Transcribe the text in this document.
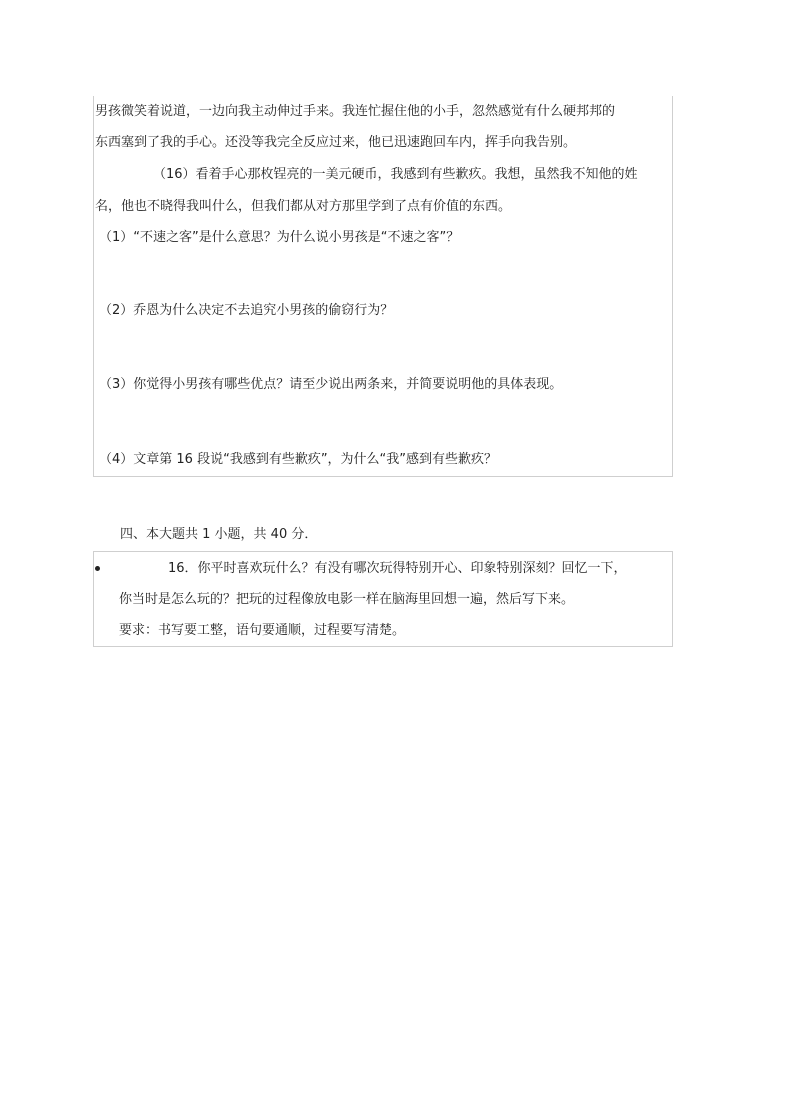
男孩微笑着说道，一边向我主动伸过手来。我连忙握住他的小手，忽然感觉有什么硬邦邦的
东西塞到了我的手心。还没等我完全反应过来，他已迅速跑回车内，挥手向我告别。
（16）看着手心那枚锃亮的一美元硬币，我感到有些歉疚。我想，虽然我不知他的姓
名，他也不晓得我叫什么，但我们都从对方那里学到了点有价值的东西。
（1）“不速之客”是什么意思？为什么说小男孩是“不速之客”？
（2）乔恩为什么决定不去追究小男孩的偷窃行为？
（3）你觉得小男孩有哪些优点？请至少说出两条来，并简要说明他的具体表现。
（4）文章第 16 段说“我感到有些歉疚”，为什么“我”感到有些歉疚？
四、本大题共 1 小题，共 40 分．
16．你平时喜欢玩什么？有没有哪次玩得特别开心、印象特别深刻？回忆一下，
你当时是怎么玩的？把玩的过程像放电影一样在脑海里回想一遍，然后写下来。
要求：书写要工整，语句要通顺，过程要写清楚。
